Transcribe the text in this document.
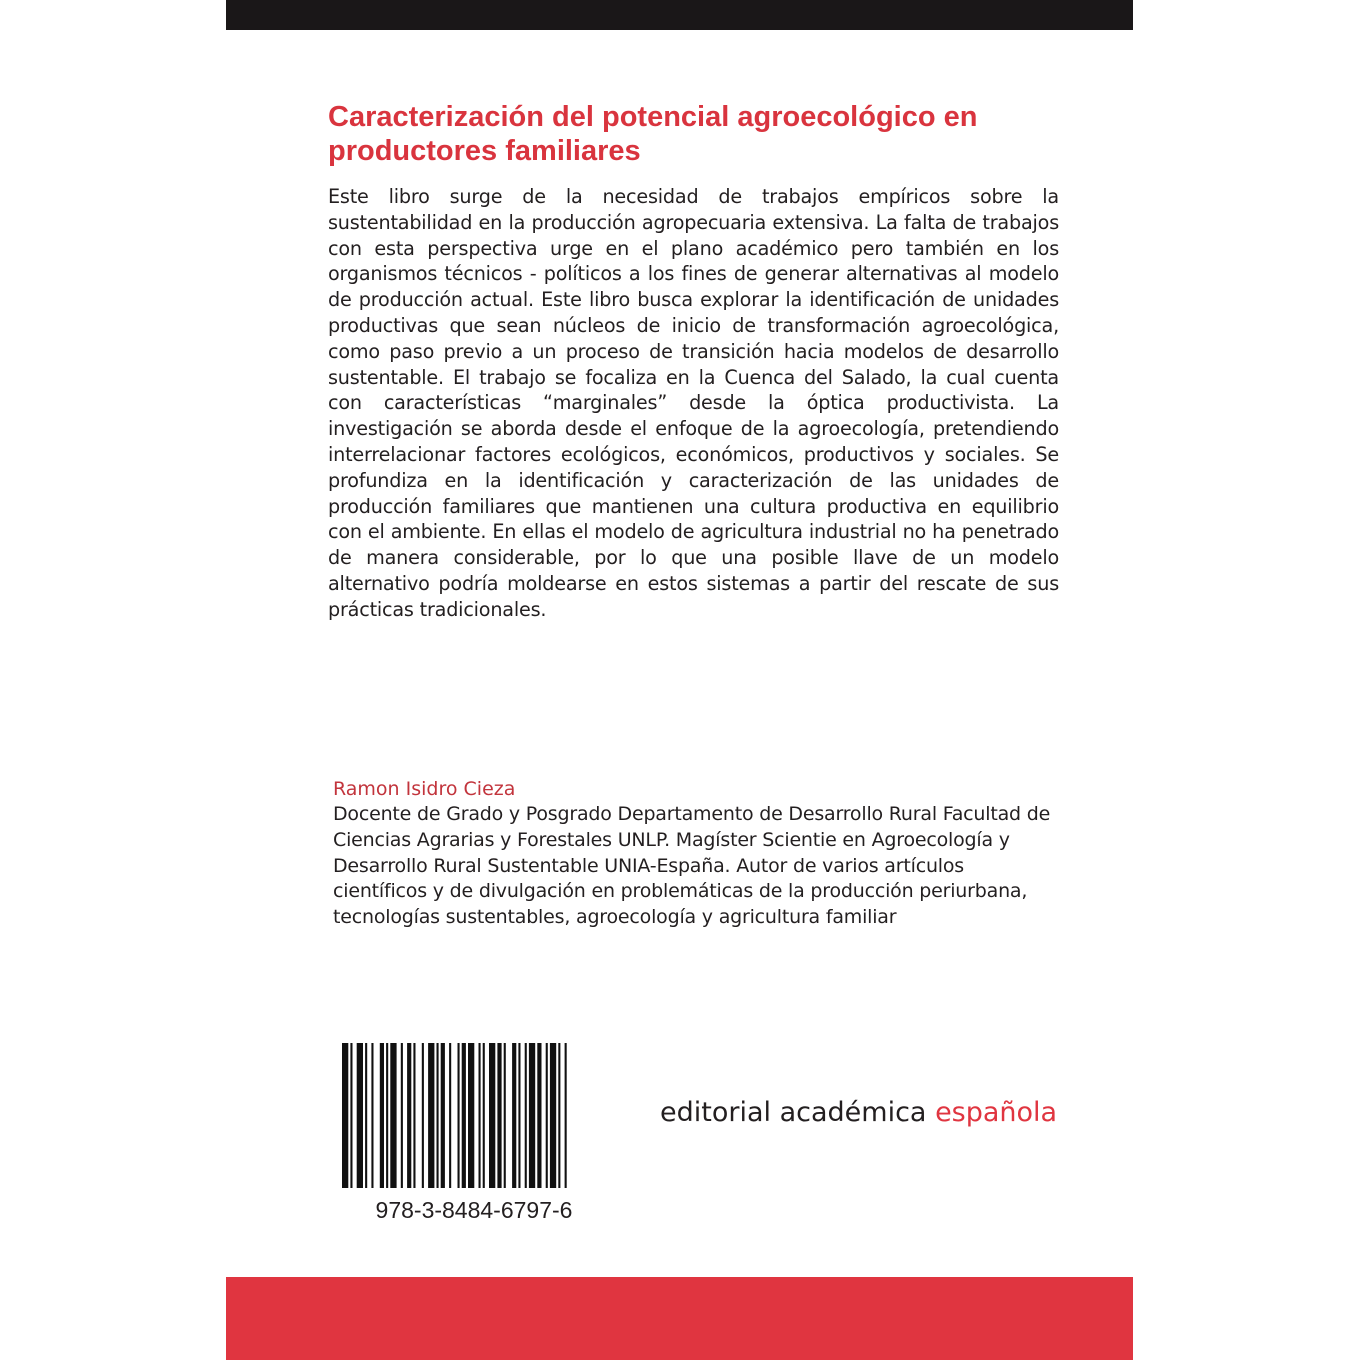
Caracterización del potencial agroecológico en productores familiares

Este libro surge de la necesidad de trabajos empíricos sobre la sustentabilidad en la producción agropecuaria extensiva. La falta de trabajos con esta perspectiva urge en el plano académico pero también en los organismos técnicos - políticos a los fines de generar alternativas al modelo de producción actual. Este libro busca explorar la identificación de unidades productivas que sean núcleos de inicio de transformación agroecológica, como paso previo a un proceso de transición hacia modelos de desarrollo sustentable. El trabajo se focaliza en la Cuenca del Salado, la cual cuenta con características “marginales” desde la óptica productivista. La investigación se aborda desde el enfoque de la agroecología, pretendiendo interrelacionar factores ecológicos, económicos, productivos y sociales. Se profundiza en la identificación y caracterización de las unidades de producción familiares que mantienen una cultura productiva en equilibrio con el ambiente. En ellas el modelo de agricultura industrial no ha penetrado de manera considerable, por lo que una posible llave de un modelo alternativo podría moldearse en estos sistemas a partir del rescate de sus prácticas tradicionales.

Ramon Isidro Cieza

Docente de Grado y Posgrado Departamento de Desarrollo Rural Facultad de Ciencias Agrarias y Forestales UNLP. Magíster Scientie en Agroecología y Desarrollo Rural Sustentable UNIA-España. Autor de varios artículos científicos y de divulgación en problemáticas de la producción periurbana, tecnologías sustentables, agroecología y agricultura familiar

978-3-8484-6797-6

editorial académica española
